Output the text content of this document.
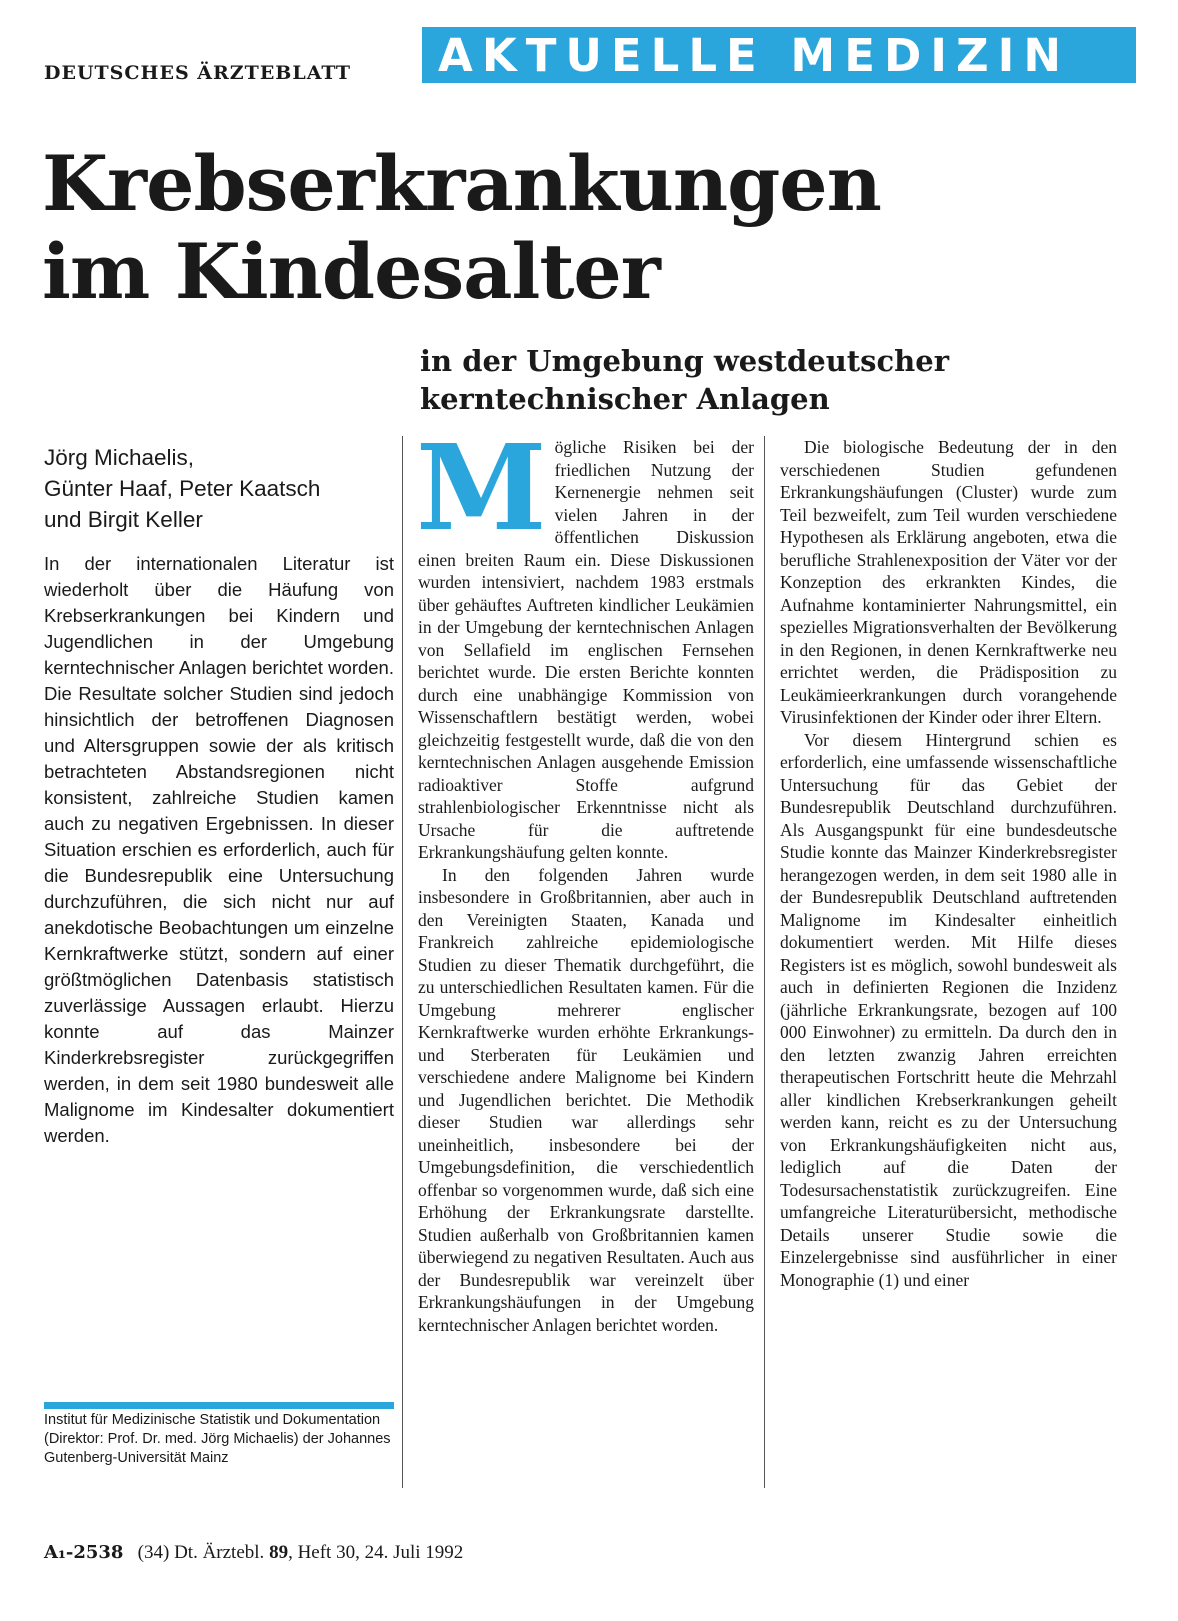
DEUTSCHES ÄRZTEBLATT AKTUELLE MEDIZIN
Krebserkrankungen
im Kindesalter
in der Umgebung westdeutscher
kerntechnischer Anlagen
Jörg Michaelis,
Günter Haaf, Peter Kaatsch
und Birgit Keller

In der internationalen Literatur ist wiederholt über die Häufung von Krebserkrankungen bei Kindern und Jugendlichen in der Umgebung kerntechnischer Anlagen berichtet worden. Die Resultate solcher Studien sind jedoch hinsichtlich der betroffenen Diagnosen und Altersgruppen sowie der als kritisch betrachteten Abstandsregionen nicht konsistent, zahlreiche Studien kamen auch zu negativen Ergebnissen. In dieser Situation erschien es erforderlich, auch für die Bundesrepublik eine Untersuchung durchzuführen, die sich nicht nur auf anekdotische Beobachtungen um einzelne Kernkraftwerke stützt, sondern auf einer größtmöglichen Datenbasis statistisch zuverlässige Aussagen erlaubt. Hierzu konnte auf das Mainzer Kinderkrebsregister zurückgegriffen werden, in dem seit 1980 bundesweit alle Malignome im Kindesalter dokumentiert werden.

Institut für Medizinische Statistik und Dokumentation (Direktor: Prof. Dr. med. Jörg Michaelis) der Johannes Gutenberg-Universität Mainz

Mögliche Risiken bei der friedlichen Nutzung der Kernenergie nehmen seit vielen Jahren in der öffentlichen Diskussion einen breiten Raum ein. Diese Diskussionen wurden intensiviert, nachdem 1983 erstmals über gehäuftes Auftreten kindlicher Leukämien in der Umgebung der kerntechnischen Anlagen von Sellafield im englischen Fernsehen berichtet wurde. Die ersten Berichte konnten durch eine unabhängige Kommission von Wissenschaftlern bestätigt werden, wobei gleichzeitig festgestellt wurde, daß die von den kerntechnischen Anlagen ausgehende Emission radioaktiver Stoffe aufgrund strahlenbiologischer Erkenntnisse nicht als Ursache für die auftretende Erkrankungshäufung gelten konnte.

In den folgenden Jahren wurde insbesondere in Großbritannien, aber auch in den Vereinigten Staaten, Kanada und Frankreich zahlreiche epidemiologische Studien zu dieser Thematik durchgeführt, die zu unterschiedlichen Resultaten kamen. Für die Umgebung mehrerer englischer Kernkraftwerke wurden erhöhte Erkrankungs- und Sterberaten für Leukämien und verschiedene andere Malignome bei Kindern und Jugendlichen berichtet. Die Methodik dieser Studien war allerdings sehr uneinheitlich, insbesondere bei der Umgebungsdefinition, die verschiedentlich offenbar so vorgenommen wurde, daß sich eine Erhöhung der Erkrankungsrate darstellte. Studien außerhalb von Großbritannien kamen überwiegend zu negativen Resultaten. Auch aus der Bundesrepublik war vereinzelt über Erkrankungshäufungen in der Umgebung kerntechnischer Anlagen berichtet worden.

Die biologische Bedeutung der in den verschiedenen Studien gefundenen Erkrankungshäufungen (Cluster) wurde zum Teil bezweifelt, zum Teil wurden verschiedene Hypothesen als Erklärung angeboten, etwa die berufliche Strahlenexposition der Väter vor der Konzeption des erkrankten Kindes, die Aufnahme kontaminierter Nahrungsmittel, ein spezielles Migrationsverhalten der Bevölkerung in den Regionen, in denen Kernkraftwerke neu errichtet werden, die Prädisposition zu Leukämieerkrankungen durch vorangehende Virusinfektionen der Kinder oder ihrer Eltern.

Vor diesem Hintergrund schien es erforderlich, eine umfassende wissenschaftliche Untersuchung für das Gebiet der Bundesrepublik Deutschland durchzuführen. Als Ausgangspunkt für eine bundesdeutsche Studie konnte das Mainzer Kinderkrebsregister herangezogen werden, in dem seit 1980 alle in der Bundesrepublik Deutschland auftretenden Malignome im Kindesalter einheitlich dokumentiert werden. Mit Hilfe dieses Registers ist es möglich, sowohl bundesweit als auch in definierten Regionen die Inzidenz (jährliche Erkrankungsrate, bezogen auf 100 000 Einwohner) zu ermitteln. Da durch den in den letzten zwanzig Jahren erreichten therapeutischen Fortschritt heute die Mehrzahl aller kindlichen Krebserkrankungen geheilt werden kann, reicht es zu der Untersuchung von Erkrankungshäufigkeiten nicht aus, lediglich auf die Daten der Todesursachenstatistik zurückzugreifen. Eine umfangreiche Literaturübersicht, methodische Details unserer Studie sowie die Einzelergebnisse sind ausführlicher in einer Monographie (1) und einer

A₁-2538 (34) Dt. Ärztebl. 89, Heft 30, 24. Juli 1992
